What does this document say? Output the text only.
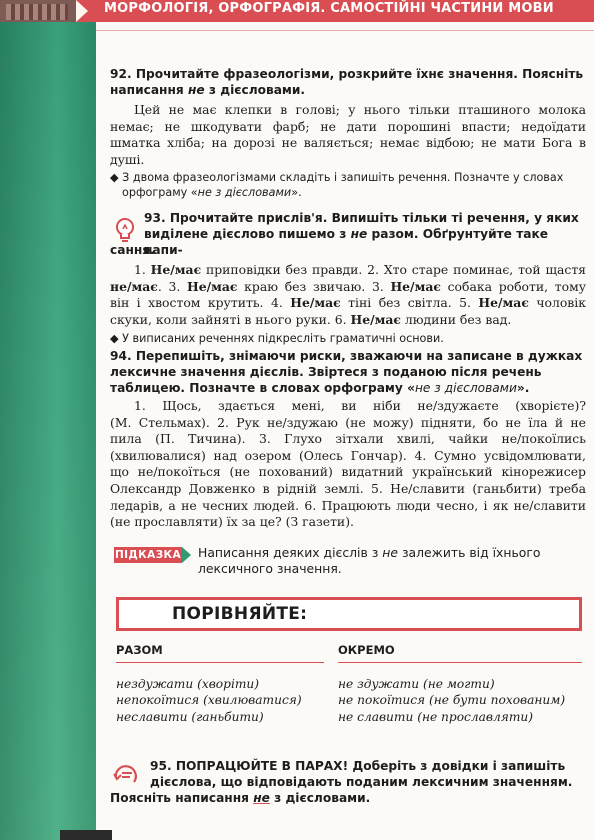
МОРФОЛОГІЯ, ОРФОГРАФІЯ. САМОСТІЙНІ ЧАСТИНИ МОВИ
92. Прочитайте фразеологізми, розкрийте їхнє значення. Поясніть
написання не з дієсловами.
Цей не має клепки в голові; у нього тільки пташиного молока
немає; не шкодувати фарб; не дати порошині впасти; недоїдати
шматка хліба; на дорозі не валяється; немає відбою; не мати Бога в
душі.
◆ З двома фразеологізмами складіть і запишіть речення. Позначте у словах
орфограму «не з дієсловами».
93. Прочитайте прислів'я. Випишіть тільки ті речення, у яких
виділене дієслово пишемо з не разом. Обґрунтуйте таке напи-
сання.
1. Не/має приповідки без правди. 2. Хто старе поминає, той щастя
не/має. 3. Не/має краю без звичаю. 3. Не/має собака роботи, тому
він і хвостом крутить. 4. Не/має тіні без світла. 5. Не/має чоловік
скуки, коли зайняті в нього руки. 6. Не/має людини без вад.
◆ У виписаних реченнях підкресліть граматичні основи.
94. Перепишіть, знімаючи риски, зважаючи на записане в дужках
лексичне значення дієслів. Звіртеся з поданою після речень
таблицею. Позначте в словах орфограму «не з дієсловами».
1. Щось, здається мені, ви ніби не/здужаєте (хворієте)?
(М. Стельмах). 2. Рук не/здужаю (не можу) підняти, бо не їла й не
пила (П. Тичина). 3. Глухо зітхали хвилі, чайки не/покоїлись
(хвилювалися) над озером (Олесь Гончар). 4. Сумно усвідомлювати,
що не/покоїться (не похований) видатний український кінорежисер
Олександр Довженко в рідній землі. 5. Не/славити (ганьбити) треба
ледарів, а не чесних людей. 6. Працюють люди чесно, і як не/славити
(не прославляти) їх за це? (З газети).
ПІДКАЗКА Написання деяких дієслів з не залежить від їхнього
лексичного значення.
ПОРІВНЯЙТЕ:
РАЗОМ	ОКРЕМО
нездужати (хворіти)
непокоїтися (хвилюватися)
неславити (ганьбити)
не здужати (не могти)
не покоїтися (не бути похованим)
не славити (не прославляти)
95. ПОПРАЦЮЙТЕ В ПАРАХ! Доберіть з довідки і запишіть
дієслова, що відповідають поданим лексичним значенням.
Поясніть написання не з дієсловами.
